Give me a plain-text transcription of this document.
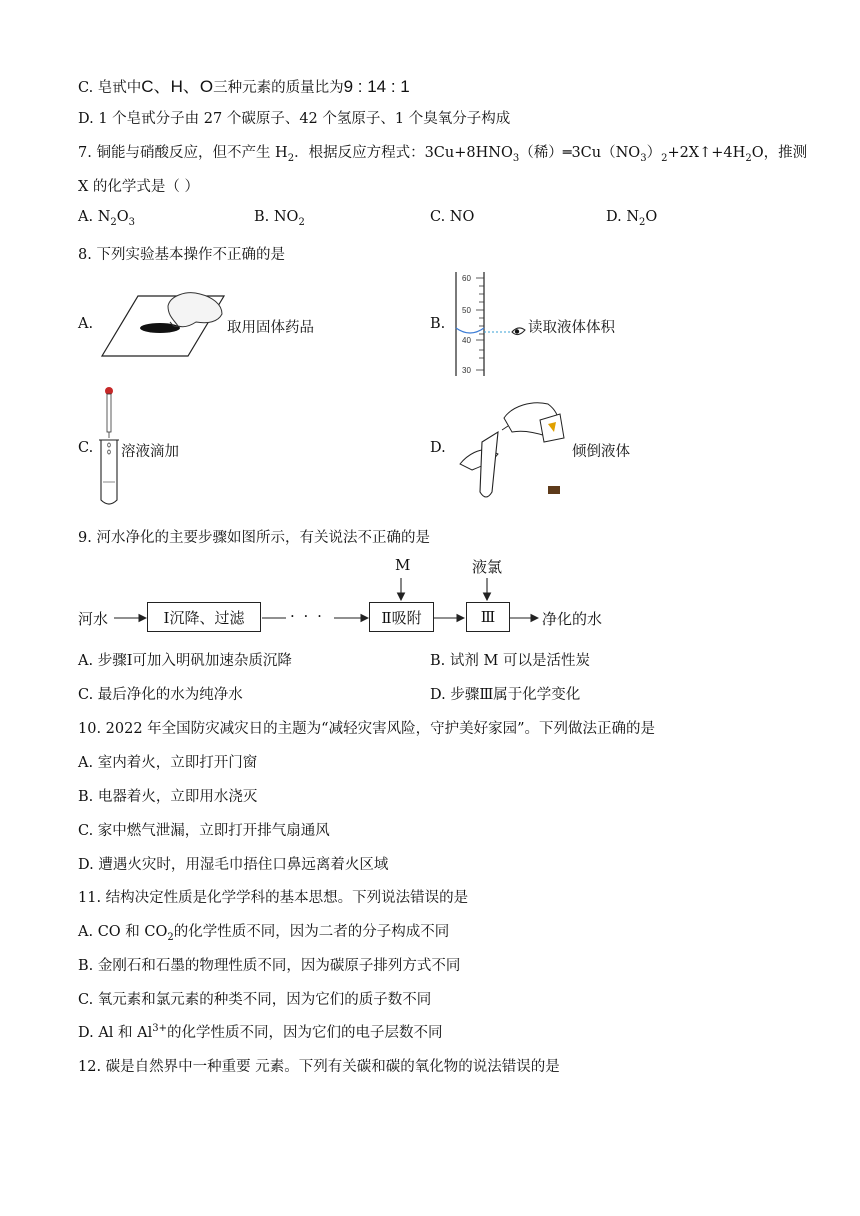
C. 皂甙中C、H、O三种元素的质量比为9 : 14 : 1
D. 1 个皂甙分子由 27 个碳原子、42 个氢原子、1 个臭氧分子构成
7. 铜能与硝酸反应，但不产生 $H_2$．根据反应方程式：$3Cu+8HNO_3$（稀）$═3Cu(NO_3)_2+2X↑+4H_2O$，推测
X 的化学式是（ ）
A. $N_2O_3$	B. $NO_2$	C. NO	D. $N_2O$
8. 下列实验基本操作不正确的是
A.	取用固体药品	B.
60
50
40
30
读取液体体积
C. 溶液滴加	D.	倾倒液体
9. 河水净化的主要步骤如图所示，有关说法不正确的是
河水	Ⅰ沉降、过滤	· · ·	Ⅱ吸附	Ⅲ	净化的水
M	液氯
A. 步骤Ⅰ可加入明矾加速杂质沉降	B. 试剂 M 可以是活性炭
C. 最后净化的水为纯净水	D. 步骤Ⅲ属于化学变化
10. 2022 年全国防灾减灾日的主题为“减轻灾害风险，守护美好家园”。下列做法正确的是
A. 室内着火，立即打开门窗
B. 电器着火，立即用水浇灭
C. 家中燃气泄漏，立即打开排气扇通风
D. 遭遇火灾时，用湿毛巾捂住口鼻远离着火区域
11. 结构决定性质是化学学科的基本思想。下列说法错误的是
A. CO 和 $CO_2$的化学性质不同，因为二者的分子构成不同
B. 金刚石和石墨的物理性质不同，因为碳原子排列方式不同
C. 氧元素和氯元素的种类不同，因为它们的质子数不同
D. Al 和 $Al^{3+}$的化学性质不同，因为它们的电子层数不同
12. 碳是自然界中一种重要 元素。下列有关碳和碳的氧化物的说法错误的是
